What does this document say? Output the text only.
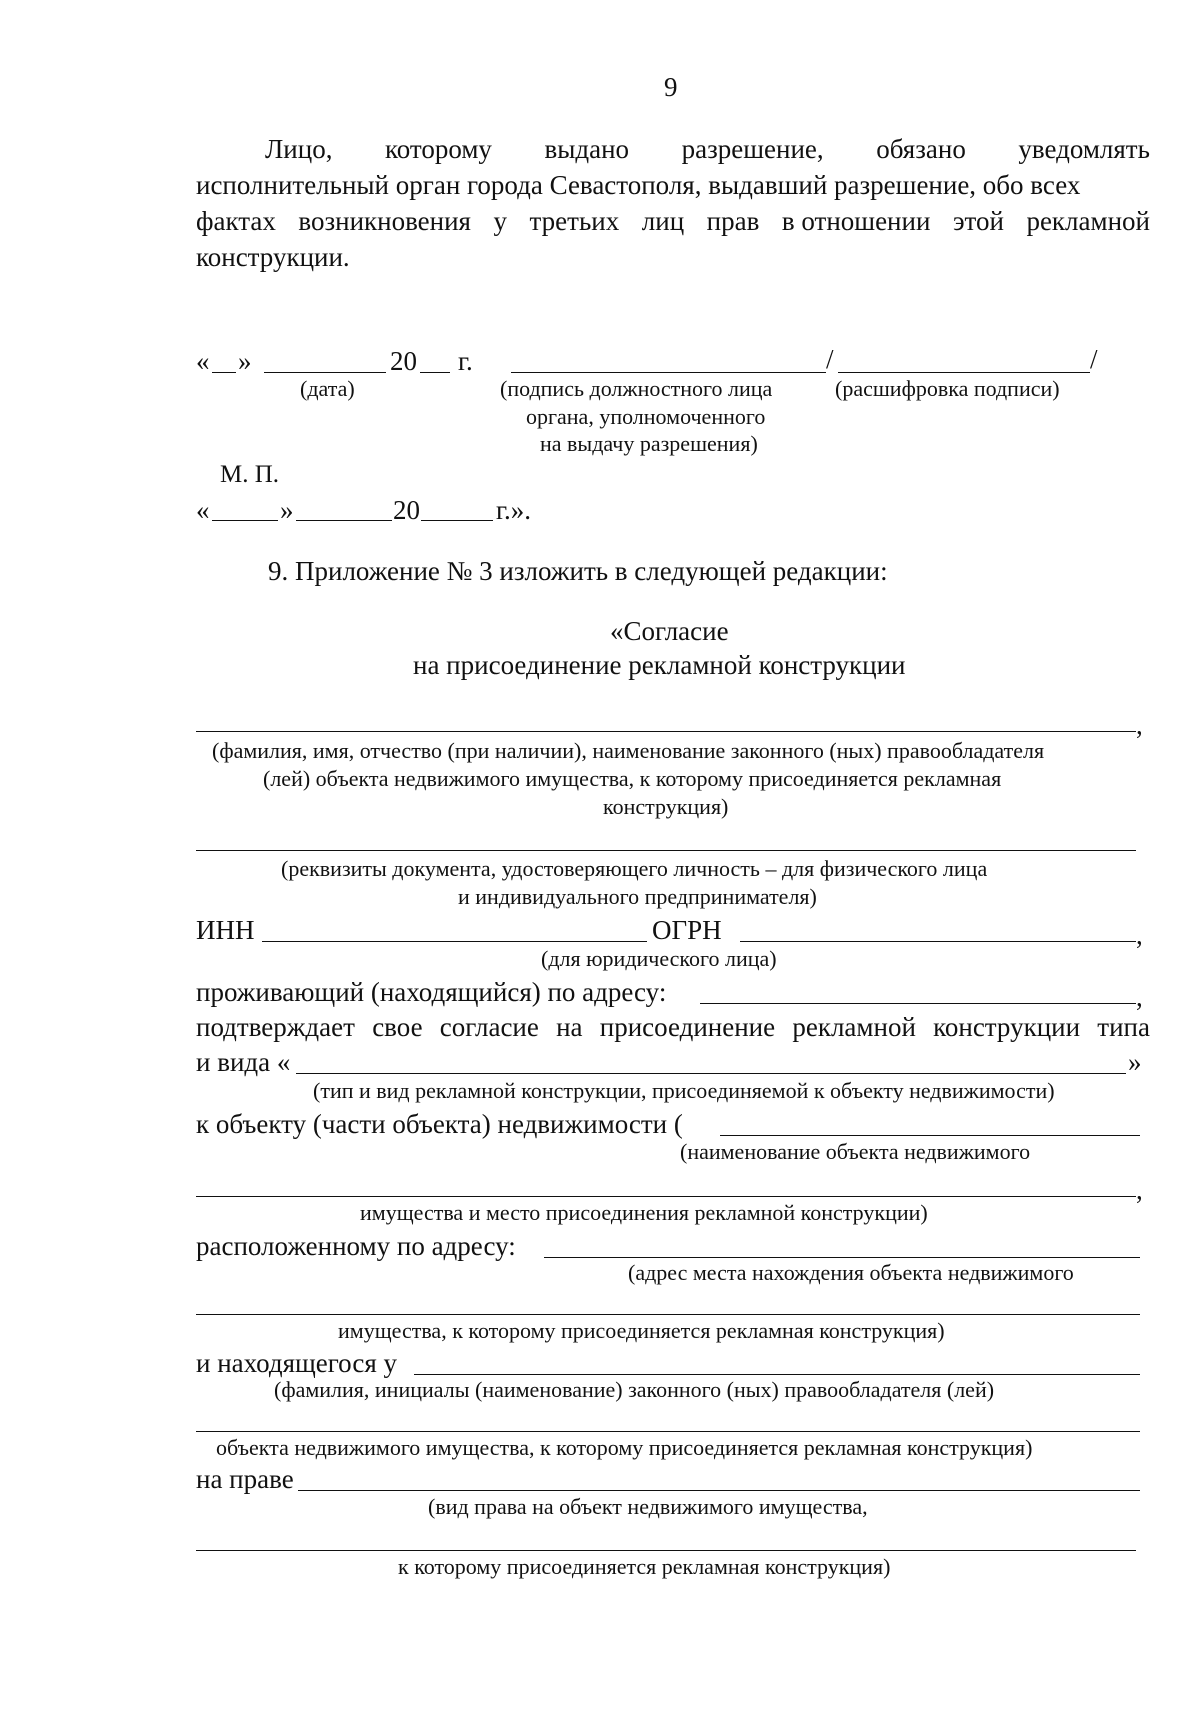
9
Лицо, которому выдано разрешение, обязано уведомлять
исполнительный орган города Севастополя, выдавший разрешение, обо всех
фактах возникновения у третьих лиц прав в отношении этой рекламной
конструкции.
« »	20 г.	/	/
(дата)	(подпись должностного лица	(расшифровка подписи)
органа, уполномоченного
на выдачу разрешения)
М. П.
«	»	20	г.».
9. Приложение № 3 изложить в следующей редакции:
«Согласие
на присоединение рекламной конструкции
,
(фамилия, имя, отчество (при наличии), наименование законного (ных) правообладателя
(лей) объекта недвижимого имущества, к которому присоединяется рекламная
конструкция)
(реквизиты документа, удостоверяющего личность – для физического лица
и индивидуального предпринимателя)
ИНН	ОГРН	,
(для юридического лица)
проживающий (находящийся) по адресу:	,
подтверждает свое согласие на присоединение рекламной конструкции типа
и вида «	»
(тип и вид рекламной конструкции, присоединяемой к объекту недвижимости)
к объекту (части объекта) недвижимости (
(наименование объекта недвижимого
,
имущества и место присоединения рекламной конструкции)
расположенному по адресу:
(адрес места нахождения объекта недвижимого
имущества, к которому присоединяется рекламная конструкция)
и находящегося у
(фамилия, инициалы (наименование) законного (ных) правообладателя (лей)
объекта недвижимого имущества, к которому присоединяется рекламная конструкция)
на праве
(вид права на объект недвижимого имущества,
к которому присоединяется рекламная конструкция)
